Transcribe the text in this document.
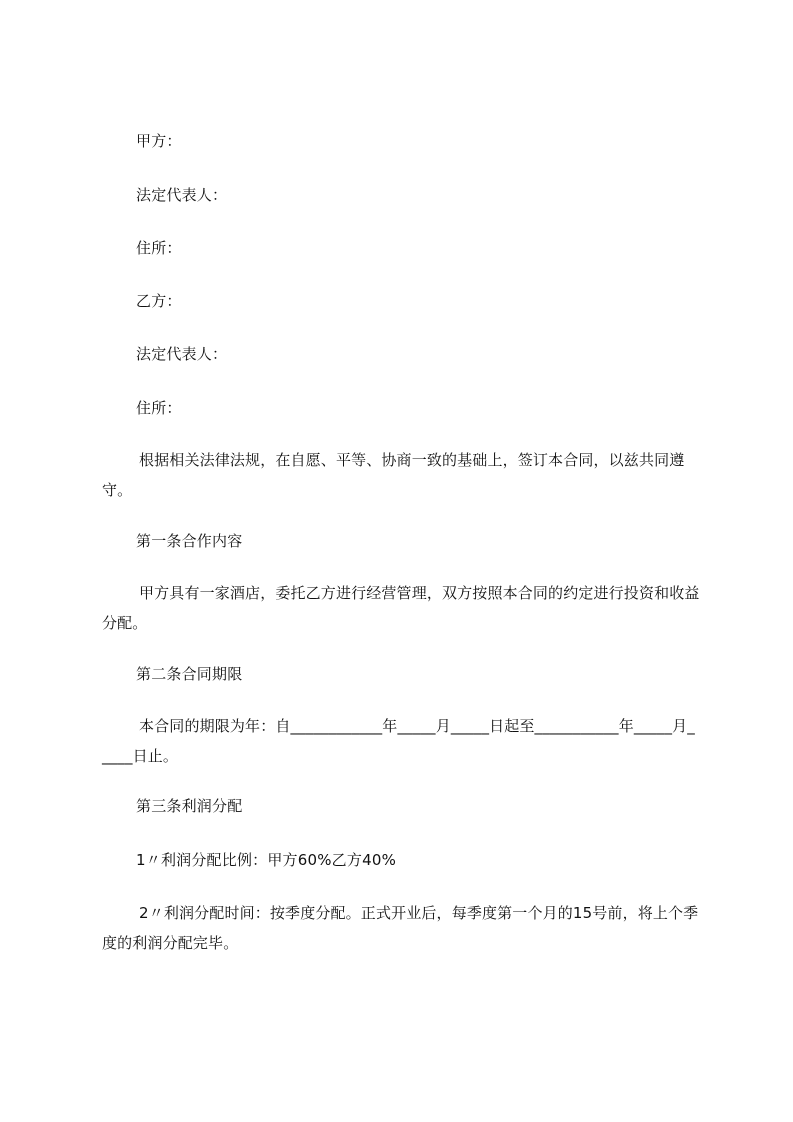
甲方：
法定代表人：
住所：
乙方：
法定代表人：
住所：
根据相关法律法规，在自愿、平等、协商一致的基础上，签订本合同，以兹共同遵守。
第一条合作内容
甲方具有一家酒店，委托乙方进行经营管理，双方按照本合同的约定进行投资和收益分配。
第二条合同期限
本合同的期限为年：自____________年_____月_____日起至___________年_____月_____日止。
第三条利润分配
1〃利润分配比例：甲方60%乙方40%
2〃利润分配时间：按季度分配。正式开业后，每季度第一个月的15号前，将上个季度的利润分配完毕。
